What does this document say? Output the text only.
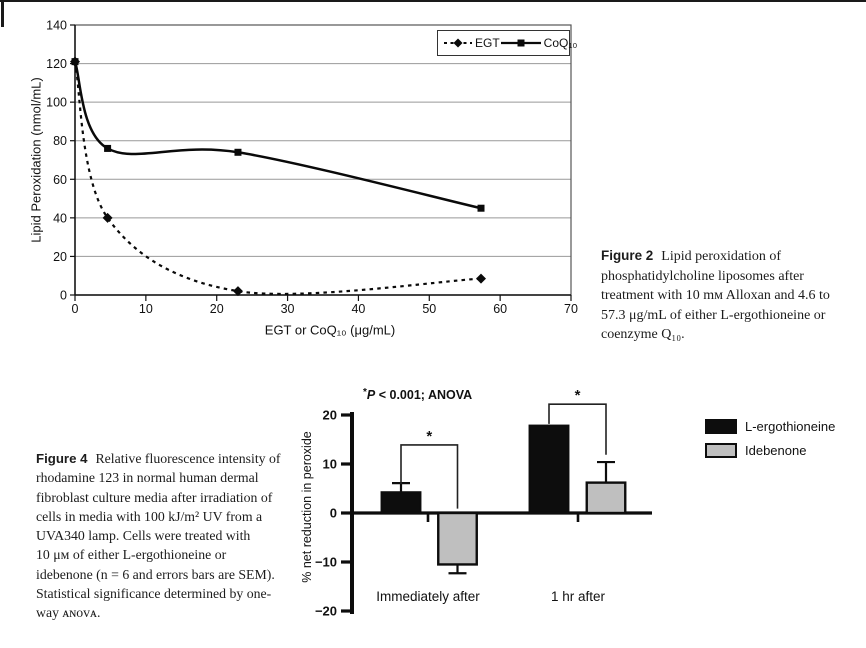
0
20
40
60
80
100
120
140
0	10	20	30	40	50	60	70
Lipid Peroxidation (nmol/mL)
EGT or CoQ₁₀ (μg/mL)
EGT	CoQ₁₀
Figure 2 Lipid peroxidation of
phosphatidylcholine liposomes after
treatment with 10 mᴍ Alloxan and 4.6 to
57.3 μg/mL of either L-ergothioneine or
coenzyme Q₁₀.
−20
−10
0
10
20
*
*
% net reduction in peroxide
*P < 0.001; ANOVA
Immediately after	1 hr after
L-ergothioneine
Idebenone
Figure 4 Relative fluorescence intensity of
rhodamine 123 in normal human dermal
fibroblast culture media after irradiation of
cells in media with 100 kJ/m² UV from a
UVA340 lamp. Cells were treated with
10 μᴍ of either L-ergothioneine or
idebenone (n = 6 and errors bars are SEM).
Statistical significance determined by one-
way ᴀɴᴏᴠᴀ.
